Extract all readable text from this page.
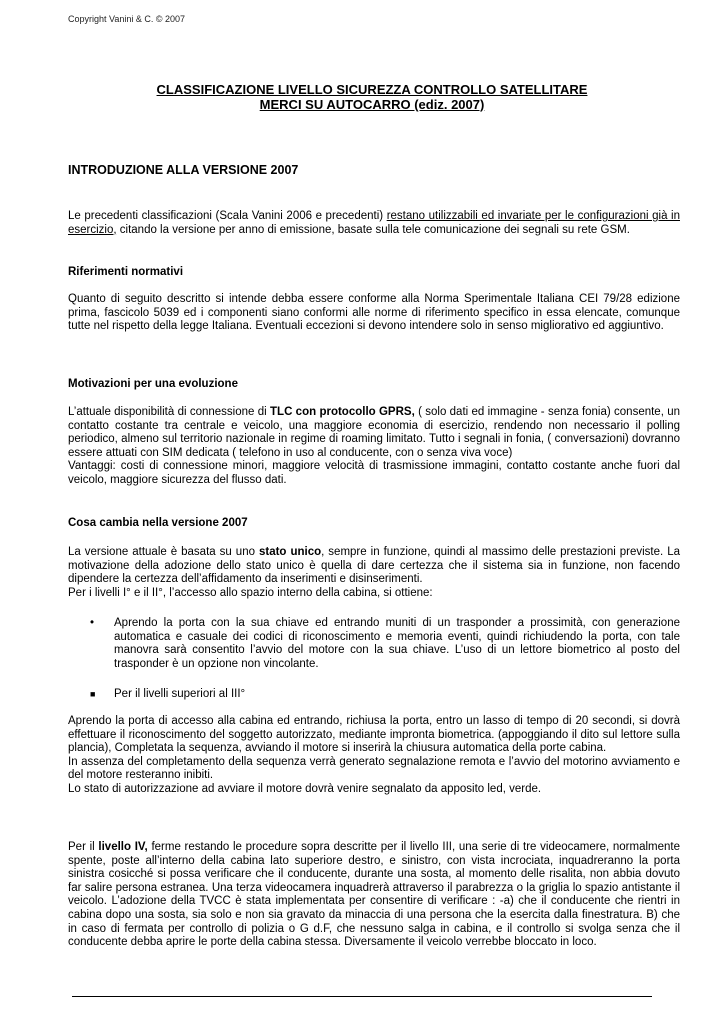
Copyright Vanini & C. © 2007
CLASSIFICAZIONE LIVELLO SICUREZZA CONTROLLO SATELLITARE
MERCI SU AUTOCARRO (ediz. 2007)
INTRODUZIONE ALLA VERSIONE 2007

Le precedenti classificazioni (Scala Vanini 2006 e precedenti) restano utilizzabili ed invariate per le configurazioni già in esercizio, citando la versione per anno di emissione, basate sulla tele comunicazione dei segnali su rete GSM.

Riferimenti normativi

Quanto di seguito descritto si intende debba essere conforme alla Norma Sperimentale Italiana CEI 79/28 edizione prima, fascicolo 5039 ed i componenti siano conformi alle norme di riferimento specifico in essa elencate, comunque tutte nel rispetto della legge Italiana. Eventuali eccezioni si devono intendere solo in senso migliorativo ed aggiuntivo.

Motivazioni per una evoluzione

L’attuale disponibilità di connessione di TLC con protocollo GPRS, ( solo dati ed immagine - senza fonia) consente, un contatto costante tra centrale e veicolo, una maggiore economia di esercizio, rendendo non necessario il polling periodico, almeno sul territorio nazionale in regime di roaming limitato. Tutto i segnali in fonia, ( conversazioni) dovranno essere attuati con SIM dedicata ( telefono in uso al conducente, con o senza viva voce)

Vantaggi: costi di connessione minori, maggiore velocità di trasmissione immagini, contatto costante anche fuori dal veicolo, maggiore sicurezza del flusso dati.

Cosa cambia nella versione 2007

La versione attuale è basata su uno stato unico, sempre in funzione, quindi al massimo delle prestazioni previste. La motivazione della adozione dello stato unico è quella di dare certezza che il sistema sia in funzione, non facendo dipendere la certezza dell’affidamento da inserimenti e disinserimenti.

Per i livelli I° e il II°, l’accesso allo spazio interno della cabina, si ottiene:

• Aprendo la porta con la sua chiave ed entrando muniti di un trasponder a prossimità, con generazione automatica e casuale dei codici di riconoscimento e memoria eventi, quindi richiudendo la porta, con tale manovra sarà consentito l’avvio del motore con la sua chiave. L’uso di un lettore biometrico al posto del trasponder è un opzione non vincolante.
■ Per il livelli superiori al III°

Aprendo la porta di accesso alla cabina ed entrando, richiusa la porta, entro un lasso di tempo di 20 secondi, si dovrà effettuare il riconoscimento del soggetto autorizzato, mediante impronta biometrica. (appoggiando il dito sul lettore sulla plancia), Completata la sequenza, avviando il motore si inserirà la chiusura automatica della porte cabina.

In assenza del completamento della sequenza verrà generato segnalazione remota e l’avvio del motorino avviamento e del motore resteranno inibiti.

Lo stato di autorizzazione ad avviare il motore dovrà venire segnalato da apposito led, verde.

Per il livello IV, ferme restando le procedure sopra descritte per il livello III, una serie di tre videocamere, normalmente spente, poste all’interno della cabina lato superiore destro, e sinistro, con vista incrociata, inquadreranno la porta sinistra cosicché si possa verificare che il conducente, durante una sosta, al momento delle risalita, non abbia dovuto far salire persona estranea. Una terza videocamera inquadrerà attraverso il parabrezza o la griglia lo spazio antistante il veicolo. L’adozione della TVCC è stata implementata per consentire di verificare : -a) che il conducente che rientri in cabina dopo una sosta, sia solo e non sia gravato da minaccia di una persona che la esercita dalla finestratura. B) che in caso di fermata per controllo di polizia o G d.F, che nessuno salga in cabina, e il controllo si svolga senza che il conducente debba aprire le porte della cabina stessa. Diversamente il veicolo verrebbe bloccato in loco.
